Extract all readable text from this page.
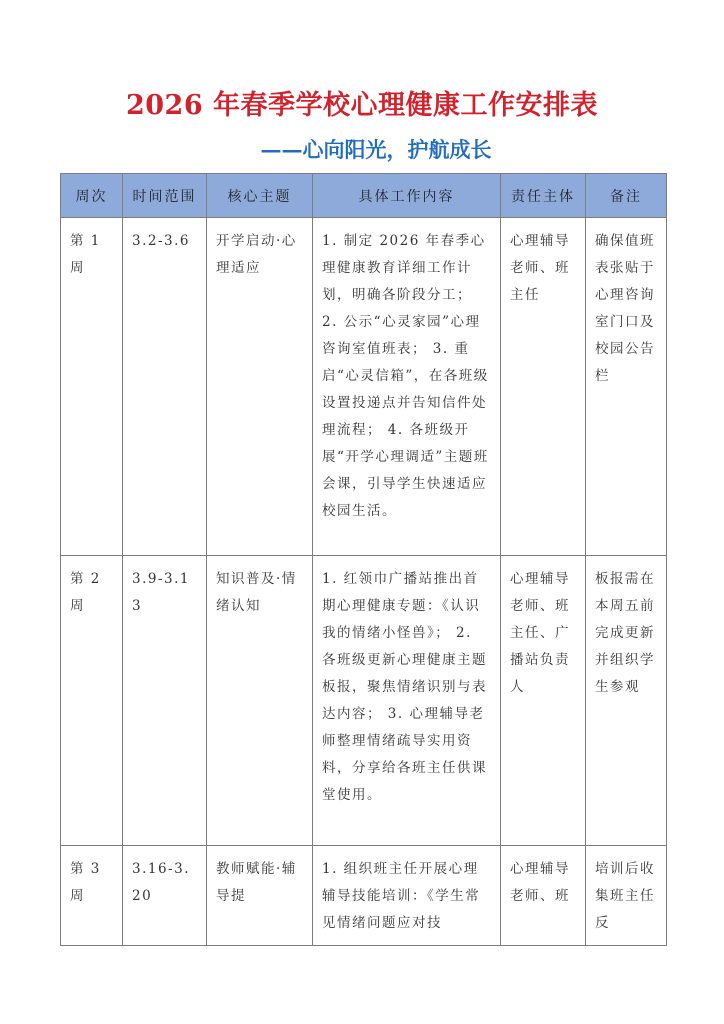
2026 年春季学校心理健康工作安排表
——心向阳光，护航成长
周次	时间范围	核心主题	具体工作内容	责任主体	备注
第 1 周	3.2-3.6	开学启动·心理适应	1. 制定 2026 年春季心理健康教育详细工作计划，明确各阶段分工； 2. 公示“心灵家园”心理咨询室值班表； 3. 重启“心灵信箱”，在各班级设置投递点并告知信件处理流程； 4. 各班级开展“开学心理调适”主题班会课，引导学生快速适应校园生活。	心理辅导老师、班主任	确保值班表张贴于心理咨询室门口及校园公告栏
第 2 周	3.9-3.13	知识普及·情绪认知	1. 红领巾广播站推出首期心理健康专题：《认识我的情绪小怪兽》； 2. 各班级更新心理健康主题板报，聚焦情绪识别与表达内容； 3. 心理辅导老师整理情绪疏导实用资料，分享给各班主任供课堂使用。	心理辅导老师、班主任、广播站负责人	板报需在本周五前完成更新并组织学生参观
第 3 周	3.16-3.20	教师赋能·辅导提	1. 组织班主任开展心理辅导技能培训：《学生常见情绪问题应对技	心理辅导老师、班	培训后收集班主任反
